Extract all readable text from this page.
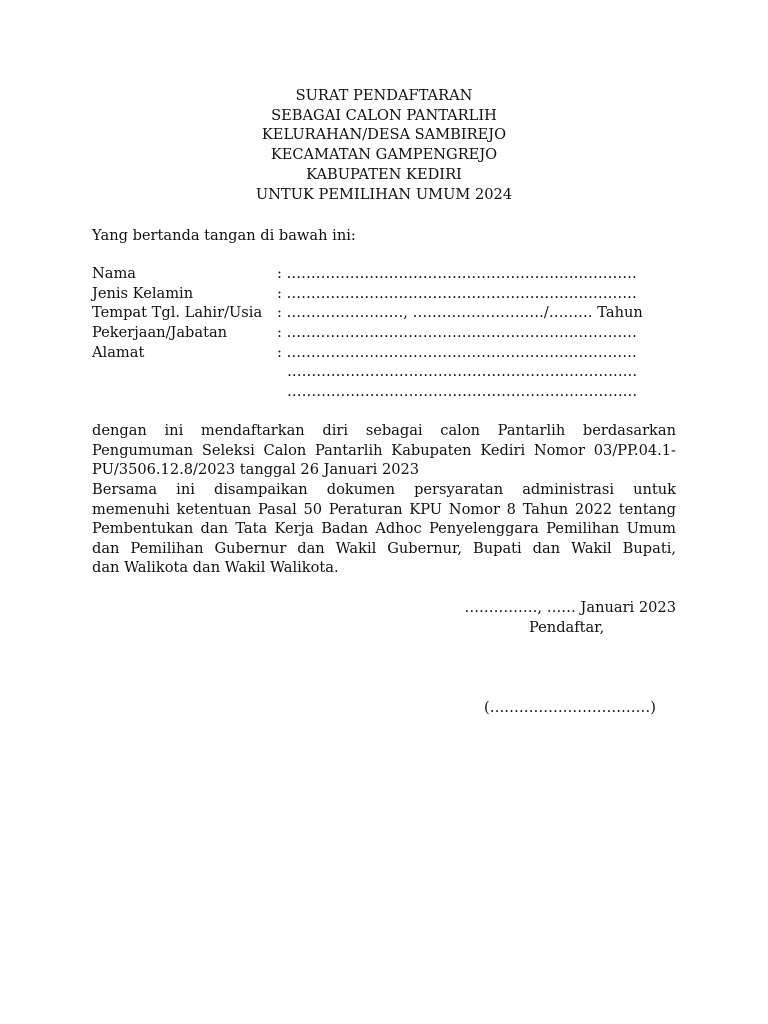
SURAT PENDAFTARAN
SEBAGAI CALON PANTARLIH
KELURAHAN/DESA SAMBIREJO
KECAMATAN GAMPENGREJO
KABUPATEN KEDIRI
UNTUK PEMILIHAN UMUM 2024
Yang bertanda tangan di bawah ini:
Nama	: ………………………………………………………………
Jenis Kelamin	: ………………………………………………………………
Tempat Tgl. Lahir/Usia : ……………………, ………………………/……… Tahun
Pekerjaan/Jabatan	: ………………………………………………………………
Alamat	: ………………………………………………………………
………………………………………………………………
………………………………………………………………
dengan ini mendaftarkan diri sebagai calon Pantarlih berdasarkan
Pengumuman Seleksi Calon Pantarlih Kabupaten Kediri Nomor 03/PP.04.1-
PU/3506.12.8/2023 tanggal 26 Januari 2023
Bersama ini disampaikan dokumen persyaratan administrasi untuk
memenuhi ketentuan Pasal 50 Peraturan KPU Nomor 8 Tahun 2022 tentang
Pembentukan dan Tata Kerja Badan Adhoc Penyelenggara Pemilihan Umum
dan Pemilihan Gubernur dan Wakil Gubernur, Bupati dan Wakil Bupati,
dan Walikota dan Wakil Walikota.
……………, …… Januari 2023
Pendaftar,
(……………………………)
